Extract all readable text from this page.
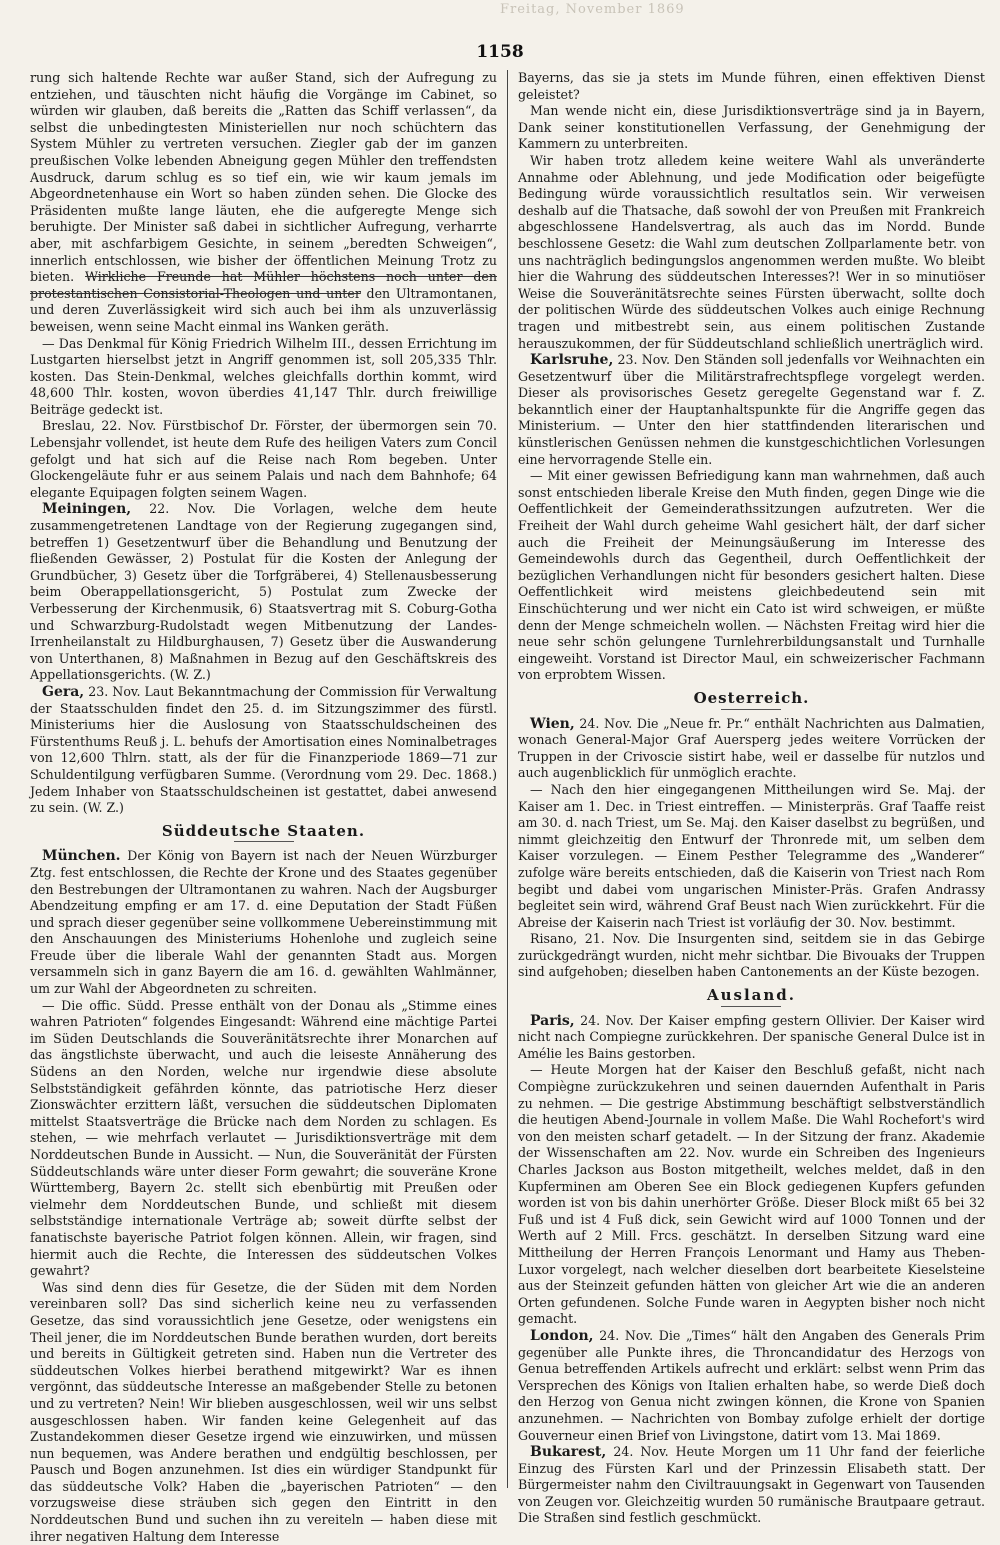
Freitag, November 1869
1158

rung sich haltende Rechte war außer Stand, sich der Aufregung zu entziehen, und täuschten nicht häufig die Vorgänge im Cabinet, so würden wir glauben, daß bereits die „Ratten das Schiff verlassen“, da selbst die unbedingtesten Ministeriellen nur noch schüchtern das System Mühler zu vertreten versuchen. Ziegler gab der im ganzen preußischen Volke lebenden Abneigung gegen Mühler den treffendsten Ausdruck, darum schlug es so tief ein, wie wir kaum jemals im Abgeordnetenhause ein Wort so haben zünden sehen. Die Glocke des Präsidenten mußte lange läuten, ehe die aufgeregte Menge sich beruhigte. Der Minister saß dabei in sichtlicher Aufregung, verharrte aber, mit aschfarbigem Gesichte, in seinem „beredten Schweigen“, innerlich entschlossen, wie bisher der öffentlichen Meinung Trotz zu bieten. Wirkliche Freunde hat Mühler höchstens noch unter den protestantischen Consistorial-Theologen und unter den Ultramontanen, und deren Zuverlässigkeit wird sich auch bei ihm als unzuverlässig beweisen, wenn seine Macht einmal ins Wanken geräth.

— Das Denkmal für König Friedrich Wilhelm III., dessen Errichtung im Lustgarten hierselbst jetzt in Angriff genommen ist, soll 205,335 Thlr. kosten. Das Stein-Denkmal, welches gleichfalls dorthin kommt, wird 48,600 Thlr. kosten, wovon überdies 41,147 Thlr. durch freiwillige Beiträge gedeckt ist.

Breslau, 22. Nov. Fürstbischof Dr. Förster, der übermorgen sein 70. Lebensjahr vollendet, ist heute dem Rufe des heiligen Vaters zum Concil gefolgt und hat sich auf die Reise nach Rom begeben. Unter Glockengeläute fuhr er aus seinem Palais und nach dem Bahnhofe; 64 elegante Equipagen folgten seinem Wagen.

Meiningen, 22. Nov. Die Vorlagen, welche dem heute zusammengetretenen Landtage von der Regierung zugegangen sind, betreffen 1) Gesetzentwurf über die Behandlung und Benutzung der fließenden Gewässer, 2) Postulat für die Kosten der Anlegung der Grundbücher, 3) Gesetz über die Torfgräberei, 4) Stellenausbesserung beim Oberappellationsgericht, 5) Postulat zum Zwecke der Verbesserung der Kirchenmusik, 6) Staatsvertrag mit S. Coburg-Gotha und Schwarzburg-Rudolstadt wegen Mitbenutzung der Landes-Irrenheilanstalt zu Hildburghausen, 7) Gesetz über die Auswanderung von Unterthanen, 8) Maßnahmen in Bezug auf den Geschäftskreis des Appellationsgerichts. (W. Z.)

Gera, 23. Nov. Laut Bekanntmachung der Commission für Verwaltung der Staatsschulden findet den 25. d. im Sitzungszimmer des fürstl. Ministeriums hier die Auslosung von Staatsschuldscheinen des Fürstenthums Reuß j. L. behufs der Amortisation eines Nominalbetrages von 12,600 Thlrn. statt, als der für die Finanzperiode 1869—71 zur Schuldentilgung verfügbaren Summe. (Verordnung vom 29. Dec. 1868.) Jedem Inhaber von Staatsschuldscheinen ist gestattet, dabei anwesend zu sein. (W. Z.)

Süddeutsche Staaten.

München. Der König von Bayern ist nach der Neuen Würzburger Ztg. fest entschlossen, die Rechte der Krone und des Staates gegenüber den Bestrebungen der Ultramontanen zu wahren. Nach der Augsburger Abendzeitung empfing er am 17. d. eine Deputation der Stadt Füßen und sprach dieser gegenüber seine vollkommene Uebereinstimmung mit den Anschauungen des Ministeriums Hohenlohe und zugleich seine Freude über die liberale Wahl der genannten Stadt aus. Morgen versammeln sich in ganz Bayern die am 16. d. gewählten Wahlmänner, um zur Wahl der Abgeordneten zu schreiten.

— Die offic. Südd. Presse enthält von der Donau als „Stimme eines wahren Patrioten“ folgendes Eingesandt: Während eine mächtige Partei im Süden Deutschlands die Souveränitätsrechte ihrer Monarchen auf das ängstlichste überwacht, und auch die leiseste Annäherung des Südens an den Norden, welche nur irgendwie diese absolute Selbstständigkeit gefährden könnte, das patriotische Herz dieser Zionswächter erzittern läßt, versuchen die süddeutschen Diplomaten mittelst Staatsverträge die Brücke nach dem Norden zu schlagen. Es stehen, — wie mehrfach verlautet — Jurisdiktionsverträge mit dem Norddeutschen Bunde in Aussicht. — Nun, die Souveränität der Fürsten Süddeutschlands wäre unter dieser Form gewahrt; die souveräne Krone Württemberg, Bayern 2c. stellt sich ebenbürtig mit Preußen oder vielmehr dem Norddeutschen Bunde, und schließt mit diesem selbstständige internationale Verträge ab; soweit dürfte selbst der fanatischste bayerische Patriot folgen können. Allein, wir fragen, sind hiermit auch die Rechte, die Interessen des süddeutschen Volkes gewahrt?

Was sind denn dies für Gesetze, die der Süden mit dem Norden vereinbaren soll? Das sind sicherlich keine neu zu verfassenden Gesetze, das sind voraussichtlich jene Gesetze, oder wenigstens ein Theil jener, die im Norddeutschen Bunde berathen wurden, dort bereits und bereits in Gültigkeit getreten sind. Haben nun die Vertreter des süddeutschen Volkes hierbei berathend mitgewirkt? War es ihnen vergönnt, das süddeutsche Interesse an maßgebender Stelle zu betonen und zu vertreten? Nein! Wir blieben ausgeschlossen, weil wir uns selbst ausgeschlossen haben. Wir fanden keine Gelegenheit auf das Zustandekommen dieser Gesetze irgend wie einzuwirken, und müssen nun bequemen, was Andere berathen und endgültig beschlossen, per Pausch und Bogen anzunehmen. Ist dies ein würdiger Standpunkt für das süddeutsche Volk? Haben die „bayerischen Patrioten“ — den vorzugsweise diese sträuben sich gegen den Eintritt in den Norddeutschen Bund und suchen ihn zu vereiteln — haben diese mit ihrer negativen Haltung dem Interesse

Bayerns, das sie ja stets im Munde führen, einen effektiven Dienst geleistet?

Man wende nicht ein, diese Jurisdiktionsverträge sind ja in Bayern, Dank seiner konstitutionellen Verfassung, der Genehmigung der Kammern zu unterbreiten.

Wir haben trotz alledem keine weitere Wahl als unveränderte Annahme oder Ablehnung, und jede Modification oder beigefügte Bedingung würde voraussichtlich resultatlos sein. Wir verweisen deshalb auf die Thatsache, daß sowohl der von Preußen mit Frankreich abgeschlossene Handelsvertrag, als auch das im Nordd. Bunde beschlossene Gesetz: die Wahl zum deutschen Zollparlamente betr. von uns nachträglich bedingungslos angenommen werden mußte. Wo bleibt hier die Wahrung des süddeutschen Interesses?! Wer in so minutiöser Weise die Souveränitätsrechte seines Fürsten überwacht, sollte doch der politischen Würde des süddeutschen Volkes auch einige Rechnung tragen und mitbestrebt sein, aus einem politischen Zustande herauszukommen, der für Süddeutschland schließlich unerträglich wird.

Karlsruhe, 23. Nov. Den Ständen soll jedenfalls vor Weihnachten ein Gesetzentwurf über die Militärstrafrechtspflege vorgelegt werden. Dieser als provisorisches Gesetz geregelte Gegenstand war f. Z. bekanntlich einer der Hauptanhaltspunkte für die Angriffe gegen das Ministerium. — Unter den hier stattfindenden literarischen und künstlerischen Genüssen nehmen die kunstgeschichtlichen Vorlesungen eine hervorragende Stelle ein.

— Mit einer gewissen Befriedigung kann man wahrnehmen, daß auch sonst entschieden liberale Kreise den Muth finden, gegen Dinge wie die Oeffentlichkeit der Gemeinderathssitzungen aufzutreten. Wer die Freiheit der Wahl durch geheime Wahl gesichert hält, der darf sicher auch die Freiheit der Meinungsäußerung im Interesse des Gemeindewohls durch das Gegentheil, durch Oeffentlichkeit der bezüglichen Verhandlungen nicht für besonders gesichert halten. Diese Oeffentlichkeit wird meistens gleichbedeutend sein mit Einschüchterung und wer nicht ein Cato ist wird schweigen, er müßte denn der Menge schmeicheln wollen. — Nächsten Freitag wird hier die neue sehr schön gelungene Turnlehrerbildungsanstalt und Turnhalle eingeweiht. Vorstand ist Director Maul, ein schweizerischer Fachmann von erprobtem Wissen.

Oesterreich.

Wien, 24. Nov. Die „Neue fr. Pr.“ enthält Nachrichten aus Dalmatien, wonach General-Major Graf Auersperg jedes weitere Vorrücken der Truppen in der Crivoscie sistirt habe, weil er dasselbe für nutzlos und auch augenblicklich für unmöglich erachte.

— Nach den hier eingegangenen Mittheilungen wird Se. Maj. der Kaiser am 1. Dec. in Triest eintreffen. — Ministerpräs. Graf Taaffe reist am 30. d. nach Triest, um Se. Maj. den Kaiser daselbst zu begrüßen, und nimmt gleichzeitig den Entwurf der Thronrede mit, um selben dem Kaiser vorzulegen. — Einem Pesther Telegramme des „Wanderer“ zufolge wäre bereits entschieden, daß die Kaiserin von Triest nach Rom begibt und dabei vom ungarischen Minister-Präs. Grafen Andrassy begleitet sein wird, während Graf Beust nach Wien zurückkehrt. Für die Abreise der Kaiserin nach Triest ist vorläufig der 30. Nov. bestimmt.

Risano, 21. Nov. Die Insurgenten sind, seitdem sie in das Gebirge zurückgedrängt wurden, nicht mehr sichtbar. Die Bivouaks der Truppen sind aufgehoben; dieselben haben Cantonements an der Küste bezogen.

Ausland.

Paris, 24. Nov. Der Kaiser empfing gestern Ollivier. Der Kaiser wird nicht nach Compiegne zurückkehren. Der spanische General Dulce ist in Amélie les Bains gestorben.

— Heute Morgen hat der Kaiser den Beschluß gefaßt, nicht nach Compiègne zurückzukehren und seinen dauernden Aufenthalt in Paris zu nehmen. — Die gestrige Abstimmung beschäftigt selbstverständlich die heutigen Abend-Journale in vollem Maße. Die Wahl Rochefort's wird von den meisten scharf getadelt. — In der Sitzung der franz. Akademie der Wissenschaften am 22. Nov. wurde ein Schreiben des Ingenieurs Charles Jackson aus Boston mitgetheilt, welches meldet, daß in den Kupferminen am Oberen See ein Block gediegenen Kupfers gefunden worden ist von bis dahin unerhörter Größe. Dieser Block mißt 65 bei 32 Fuß und ist 4 Fuß dick, sein Gewicht wird auf 1000 Tonnen und der Werth auf 2 Mill. Frcs. geschätzt. In derselben Sitzung ward eine Mittheilung der Herren François Lenormant und Hamy aus Theben-Luxor vorgelegt, nach welcher dieselben dort bearbeitete Kieselsteine aus der Steinzeit gefunden hätten von gleicher Art wie die an anderen Orten gefundenen. Solche Funde waren in Aegypten bisher noch nicht gemacht.

London, 24. Nov. Die „Times“ hält den Angaben des Generals Prim gegenüber alle Punkte ihres, die Throncandidatur des Herzogs von Genua betreffenden Artikels aufrecht und erklärt: selbst wenn Prim das Versprechen des Königs von Italien erhalten habe, so werde Dieß doch den Herzog von Genua nicht zwingen können, die Krone von Spanien anzunehmen. — Nachrichten von Bombay zufolge erhielt der dortige Gouverneur einen Brief von Livingstone, datirt vom 13. Mai 1869.

Bukarest, 24. Nov. Heute Morgen um 11 Uhr fand der feierliche Einzug des Fürsten Karl und der Prinzessin Elisabeth statt. Der Bürgermeister nahm den Civiltrauungsakt in Gegenwart von Tausenden von Zeugen vor. Gleichzeitig wurden 50 rumänische Brautpaare getraut. Die Straßen sind festlich geschmückt.
